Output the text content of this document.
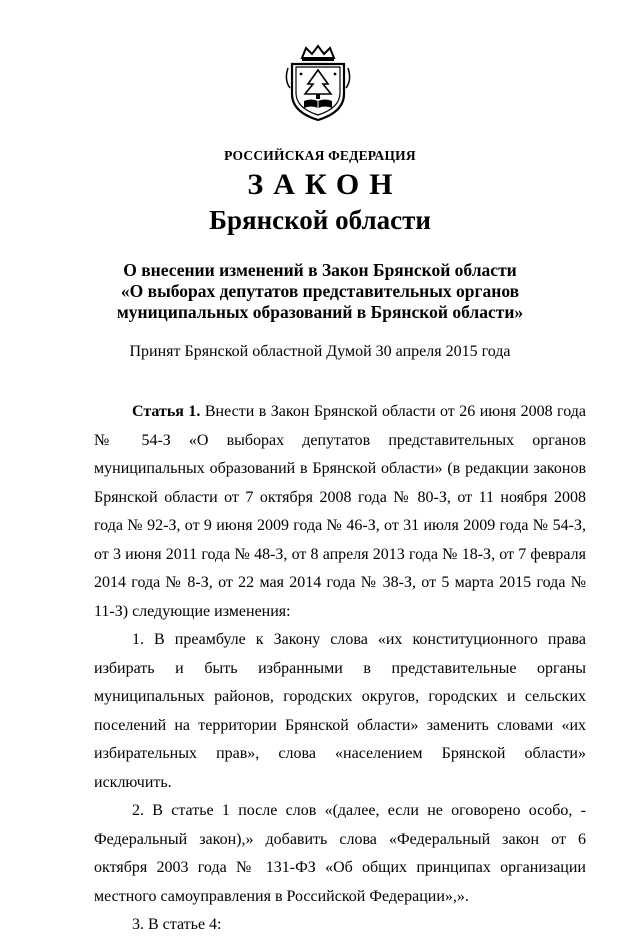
РОССИЙСКАЯ ФЕДЕРАЦИЯ
ЗАКОН
Брянской области
О внесении изменений в Закон Брянской области
«О выборах депутатов представительных органов
муниципальных образований в Брянской области»
Принят Брянской областной Думой 30 апреля 2015 года

Статья 1. Внести в Закон Брянской области от 26 июня 2008 года № 54-З «О выборах депутатов представительных органов муниципальных образований в Брянской области» (в редакции законов Брянской области от 7 октября 2008 года № 80-З, от 11 ноября 2008 года № 92-З, от 9 июня 2009 года № 46-З, от 31 июля 2009 года № 54-З, от 3 июня 2011 года № 48-З, от 8 апреля 2013 года № 18-З, от 7 февраля 2014 года № 8-З, от 22 мая 2014 года № 38-З, от 5 марта 2015 года № 11-З) следующие изменения:

1. В преамбуле к Закону слова «их конституционного права избирать и быть избранными в представительные органы муниципальных районов, городских округов, городских и сельских поселений на территории Брянской области» заменить словами «их избирательных прав», слова «населением Брянской области» исключить.

2. В статье 1 после слов «(далее, если не оговорено особо, - Федеральный закон),» добавить слова «Федеральный закон от 6 октября 2003 года № 131-ФЗ «Об общих принципах организации местного самоуправления в Российской Федерации»,».

3. В статье 4:
